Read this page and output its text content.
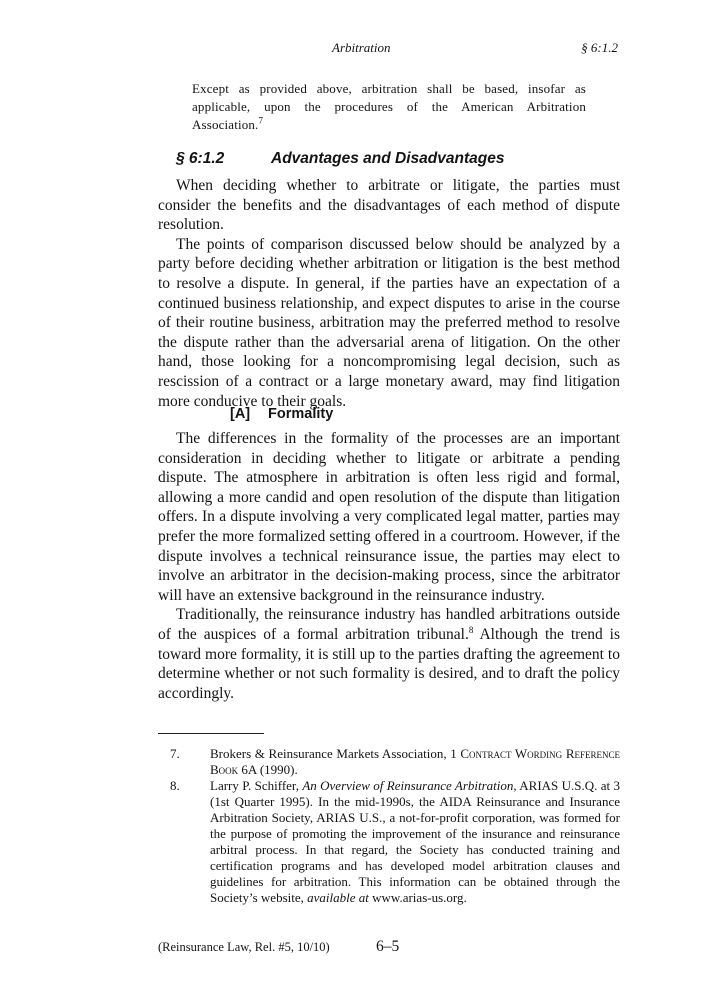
Arbitration	§ 6:1.2
Except as provided above, arbitration shall be based, insofar as applicable, upon the procedures of the American Arbitration Association.$^7$
§ 6:1.2	Advantages and Disadvantages

When deciding whether to arbitrate or litigate, the parties must consider the benefits and the disadvantages of each method of dispute resolution.

The points of comparison discussed below should be analyzed by a party before deciding whether arbitration or litigation is the best method to resolve a dispute. In general, if the parties have an expectation of a continued business relationship, and expect disputes to arise in the course of their routine business, arbitration may the preferred method to resolve the dispute rather than the adversarial arena of litigation. On the other hand, those looking for a noncompromising legal decision, such as rescission of a contract or a large monetary award, may find litigation more conducive to their goals.

[A] Formality

The differences in the formality of the processes are an important consideration in deciding whether to litigate or arbitrate a pending dispute. The atmosphere in arbitration is often less rigid and formal, allowing a more candid and open resolution of the dispute than litigation offers. In a dispute involving a very complicated legal matter, parties may prefer the more formalized setting offered in a courtroom. However, if the dispute involves a technical reinsurance issue, the parties may elect to involve an arbitrator in the decision-making process, since the arbitrator will have an extensive background in the reinsurance industry.

Traditionally, the reinsurance industry has handled arbitrations outside of the auspices of a formal arbitration tribunal.$^8$ Although the trend is toward more formality, it is still up to the parties drafting the agreement to determine whether or not such formality is desired, and to draft the policy accordingly.

7.	Brokers & Reinsurance Markets Association, 1 Contract Wording Reference Book 6A (1990).
8.	Larry P. Schiffer, An Overview of Reinsurance Arbitration, ARIAS U.S.Q. at 3 (1st Quarter 1995). In the mid-1990s, the AIDA Reinsurance and Insurance Arbitration Society, ARIAS U.S., a not-for-profit corporation, was formed for the purpose of promoting the improvement of the insurance and reinsurance arbitral process. In that regard, the Society has conducted training and certification programs and has developed model arbitration clauses and guidelines for arbitration. This information can be obtained through the Society’s website, available at www.arias-us.org.
(Reinsurance Law, Rel. #5, 10/10)	6–5
